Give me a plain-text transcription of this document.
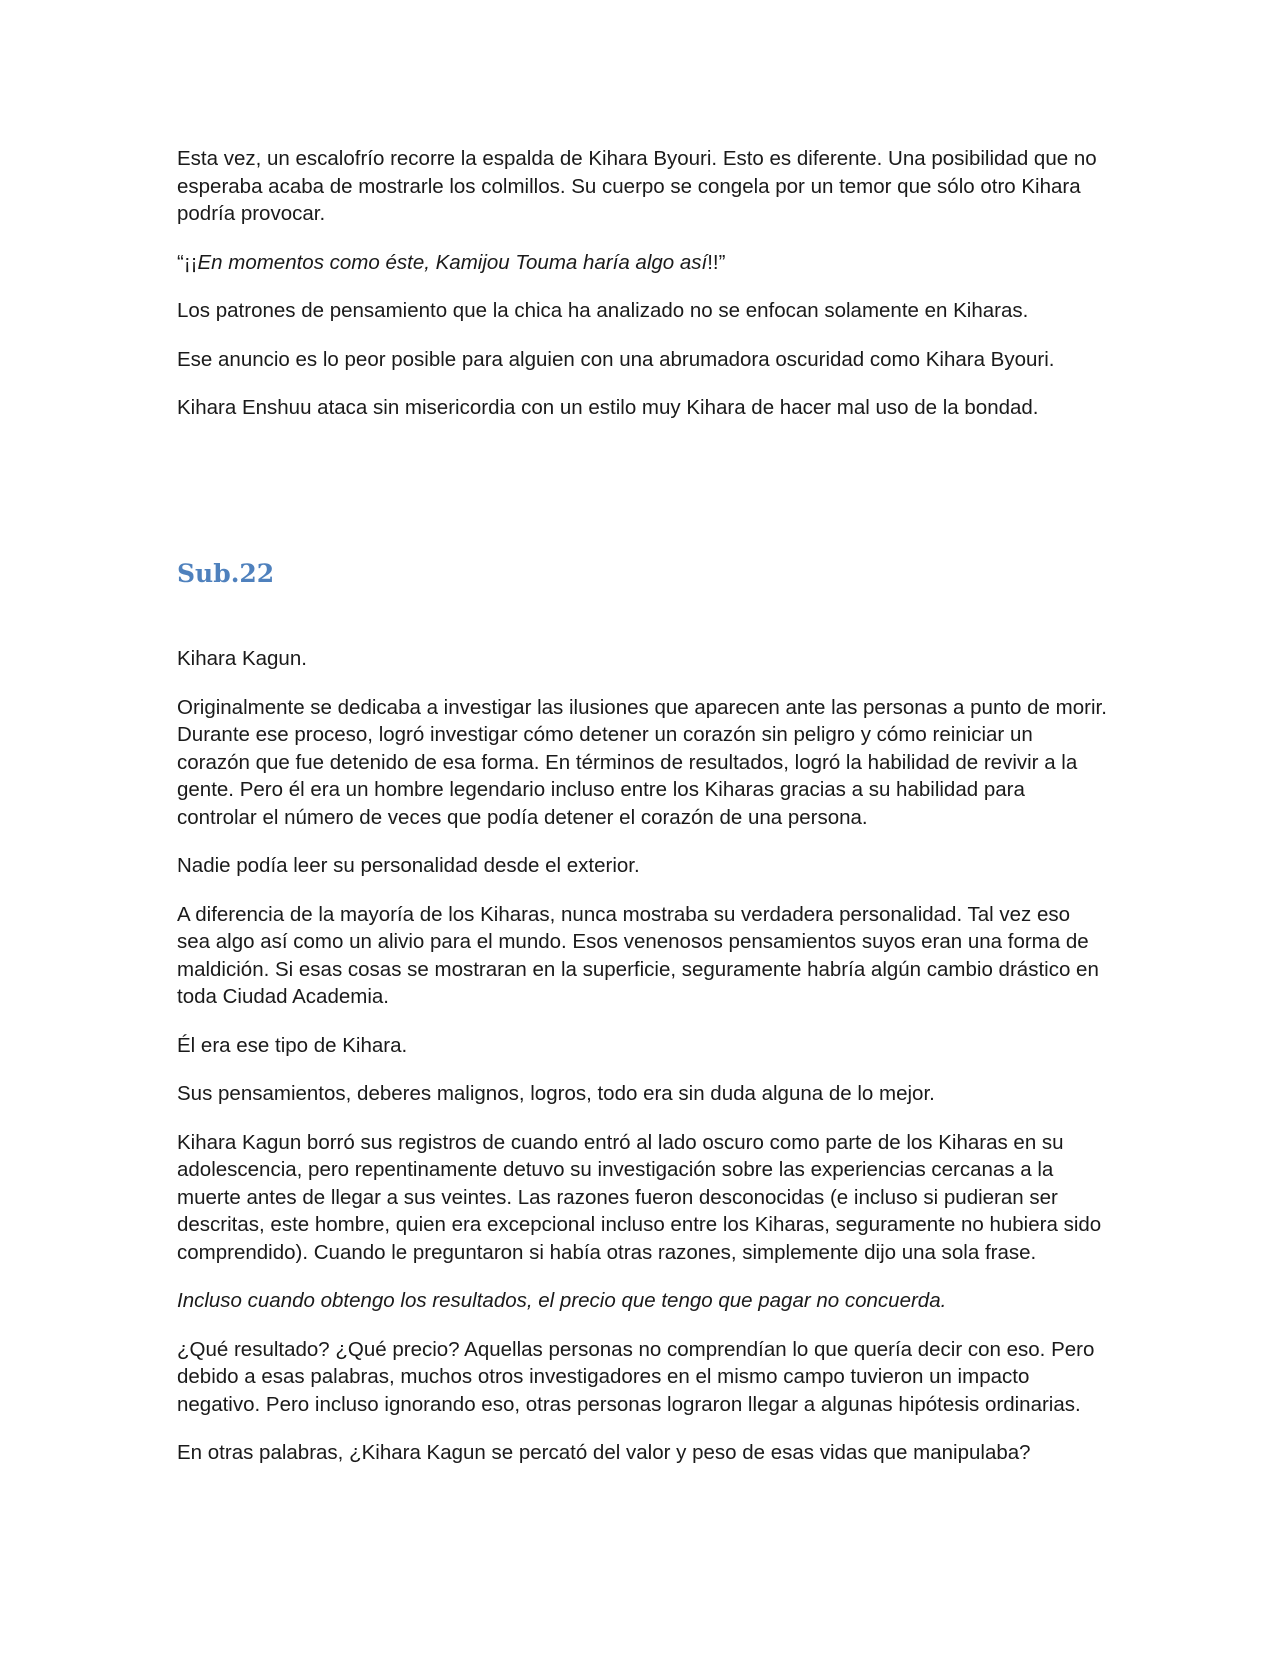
Esta vez, un escalofrío recorre la espalda de Kihara Byouri. Esto es diferente. Una posibilidad que no esperaba acaba de mostrarle los colmillos. Su cuerpo se congela por un temor que sólo otro Kihara podría provocar.

“¡¡En momentos como éste, Kamijou Touma haría algo así!!”

Los patrones de pensamiento que la chica ha analizado no se enfocan solamente en Kiharas.

Ese anuncio es lo peor posible para alguien con una abrumadora oscuridad como Kihara Byouri.

Kihara Enshuu ataca sin misericordia con un estilo muy Kihara de hacer mal uso de la bondad.

Sub.22

Kihara Kagun.

Originalmente se dedicaba a investigar las ilusiones que aparecen ante las personas a punto de morir. Durante ese proceso, logró investigar cómo detener un corazón sin peligro y cómo reiniciar un corazón que fue detenido de esa forma. En términos de resultados, logró la habilidad de revivir a la gente. Pero él era un hombre legendario incluso entre los Kiharas gracias a su habilidad para controlar el número de veces que podía detener el corazón de una persona.

Nadie podía leer su personalidad desde el exterior.

A diferencia de la mayoría de los Kiharas, nunca mostraba su verdadera personalidad. Tal vez eso sea algo así como un alivio para el mundo. Esos venenosos pensamientos suyos eran una forma de maldición. Si esas cosas se mostraran en la superficie, seguramente habría algún cambio drástico en toda Ciudad Academia.

Él era ese tipo de Kihara.

Sus pensamientos, deberes malignos, logros, todo era sin duda alguna de lo mejor.

Kihara Kagun borró sus registros de cuando entró al lado oscuro como parte de los Kiharas en su adolescencia, pero repentinamente detuvo su investigación sobre las experiencias cercanas a la muerte antes de llegar a sus veintes. Las razones fueron desconocidas (e incluso si pudieran ser descritas, este hombre, quien era excepcional incluso entre los Kiharas, seguramente no hubiera sido comprendido). Cuando le preguntaron si había otras razones, simplemente dijo una sola frase.

Incluso cuando obtengo los resultados, el precio que tengo que pagar no concuerda.

¿Qué resultado? ¿Qué precio? Aquellas personas no comprendían lo que quería decir con eso. Pero debido a esas palabras, muchos otros investigadores en el mismo campo tuvieron un impacto negativo. Pero incluso ignorando eso, otras personas lograron llegar a algunas hipótesis ordinarias.

En otras palabras, ¿Kihara Kagun se percató del valor y peso de esas vidas que manipulaba?
